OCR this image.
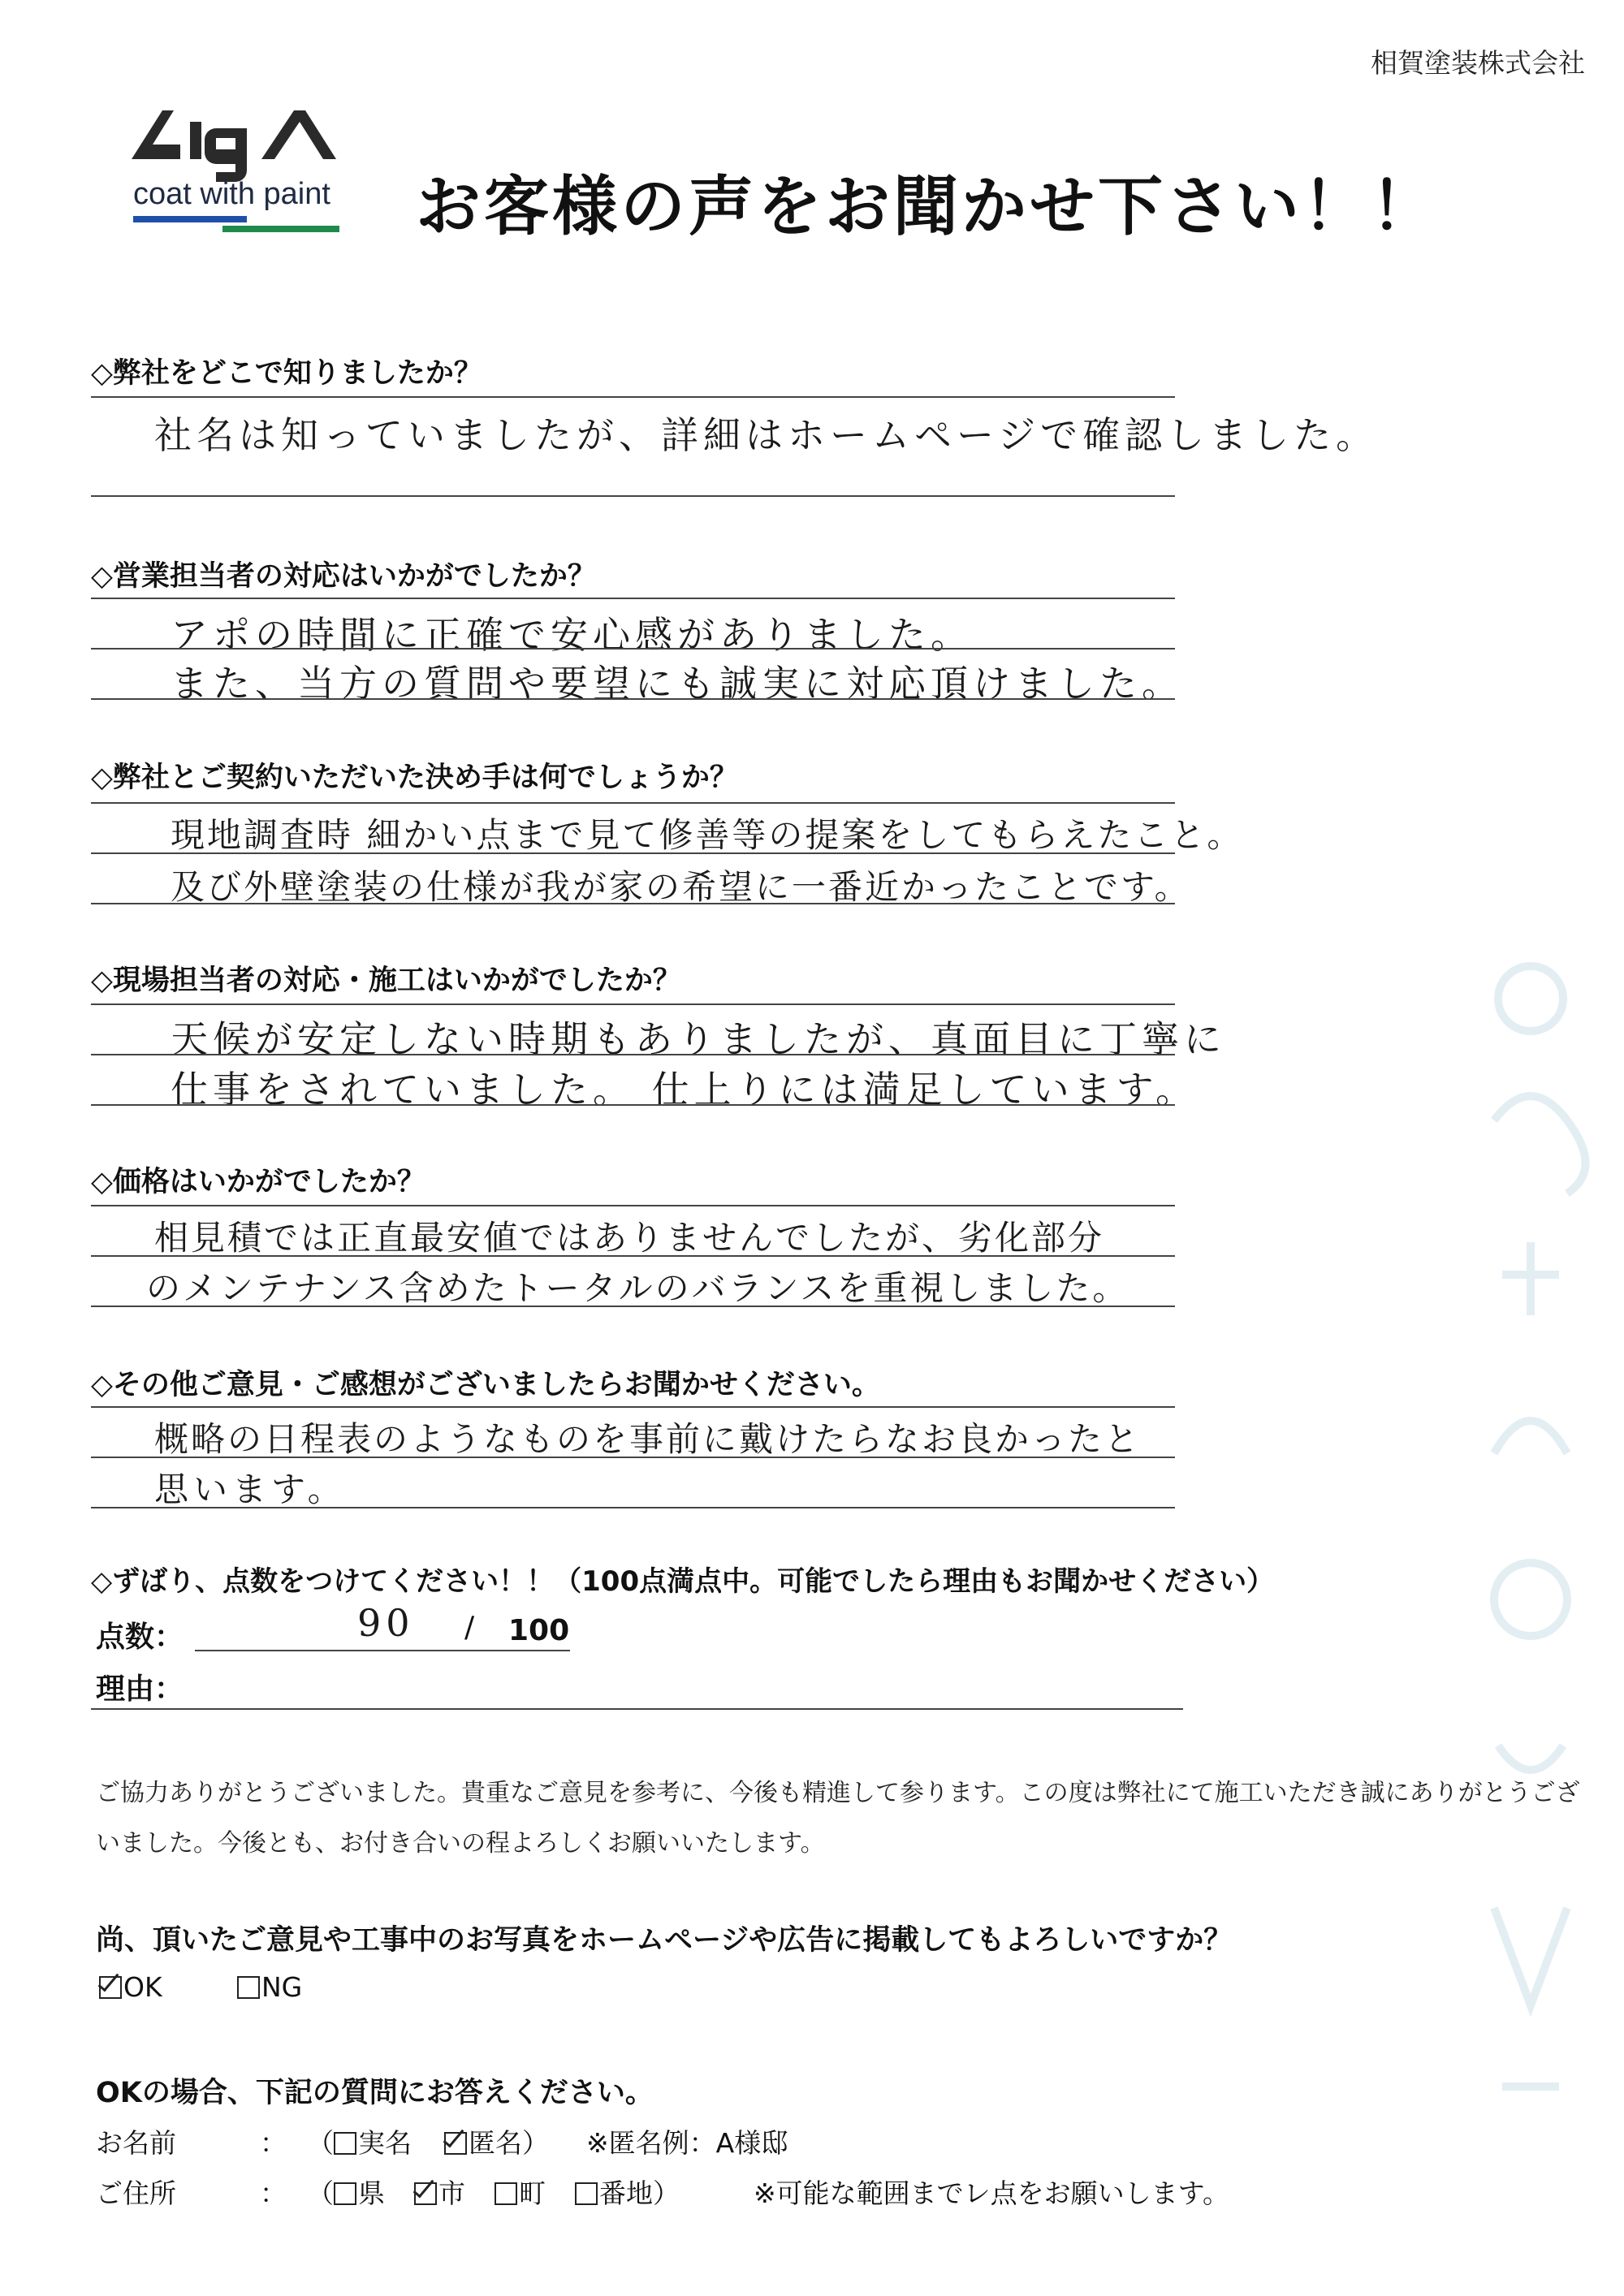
相賀塗装株式会社
coat with paint お客様の声をお聞かせ下さい！！
◇弊社をどこで知りましたか？
社名は知っていましたが、詳細はホームページで確認しました。
◇営業担当者の対応はいかがでしたか？
アポの時間に正確で安心感がありました。
また、当方の質問や要望にも誠実に対応頂けました。
◇弊社とご契約いただいた決め手は何でしょうか？
現地調査時 細かい点まで見て修善等の提案をしてもらえたこと。
及び外壁塗装の仕様が我が家の希望に一番近かったことです。
◇現場担当者の対応・施工はいかがでしたか？
天候が安定しない時期もありましたが、真面目に丁寧に
仕事をされていました。 仕上りには満足しています。
◇価格はいかがでしたか？
相見積では正直最安値ではありませんでしたが、劣化部分
のメンテナンス含めたトータルのバランスを重視しました。
◇その他ご意見・ご感想がございましたらお聞かせください。
概略の日程表のようなものを事前に戴けたらなお良かったと
思います。
◇ずばり、点数をつけてください！！（100点満点中。可能でしたら理由もお聞かせください）
点数：	90 / 100
理由：
ご協力ありがとうございました。貴重なご意見を参考に、今後も精進して参ります。この度は弊社にて施工いただき誠にありがとうございました。今後とも、お付き合いの程よろしくお願いいたします。
尚、頂いたご意見や工事中のお写真をホームページや広告に掲載してもよろしいですか？
OK	NG
OKの場合、下記の質問にお答えください。
お名前	： （ 実名 匿名） ※匿名例：A様邸
ご住所	： （ 県 市 町 番地）	※可能な範囲までレ点をお願いします。
